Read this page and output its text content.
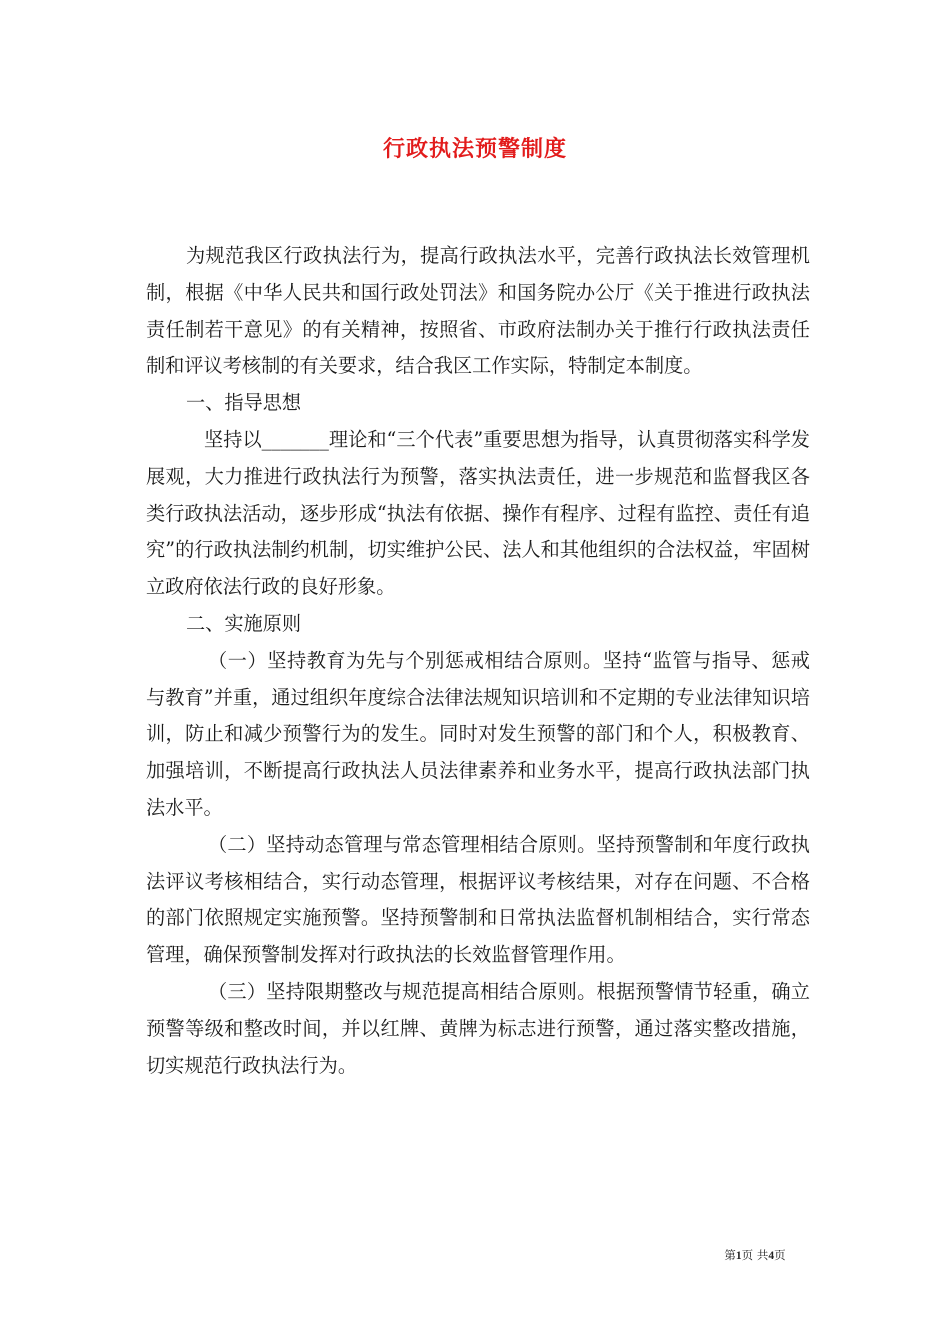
行政执法预警制度

为规范我区行政执法行为，提高行政执法水平，完善行政执法长效管理机制，根据《中华人民共和国行政处罚法》和国务院办公厅《关于推进行政执法责任制若干意见》的有关精神，按照省、市政府法制办关于推行行政执法责任制和评议考核制的有关要求，结合我区工作实际，特制定本制度。

一、指导思想

坚持以_______理论和“三个代表”重要思想为指导，认真贯彻落实科学发展观，大力推进行政执法行为预警，落实执法责任，进一步规范和监督我区各类行政执法活动，逐步形成“执法有依据、操作有程序、过程有监控、责任有追究”的行政执法制约机制，切实维护公民、法人和其他组织的合法权益，牢固树立政府依法行政的良好形象。

二、实施原则

（一）坚持教育为先与个别惩戒相结合原则。坚持“监管与指导、惩戒与教育”并重，通过组织年度综合法律法规知识培训和不定期的专业法律知识培训，防止和减少预警行为的发生。同时对发生预警的部门和个人，积极教育、加强培训，不断提高行政执法人员法律素养和业务水平，提高行政执法部门执法水平。

（二）坚持动态管理与常态管理相结合原则。坚持预警制和年度行政执法评议考核相结合，实行动态管理，根据评议考核结果，对存在问题、不合格的部门依照规定实施预警。坚持预警制和日常执法监督机制相结合，实行常态管理，确保预警制发挥对行政执法的长效监督管理作用。

（三）坚持限期整改与规范提高相结合原则。根据预警情节轻重，确立预警等级和整改时间，并以红牌、黄牌为标志进行预警，通过落实整改措施，切实规范行政执法行为。

第1页 共4页
